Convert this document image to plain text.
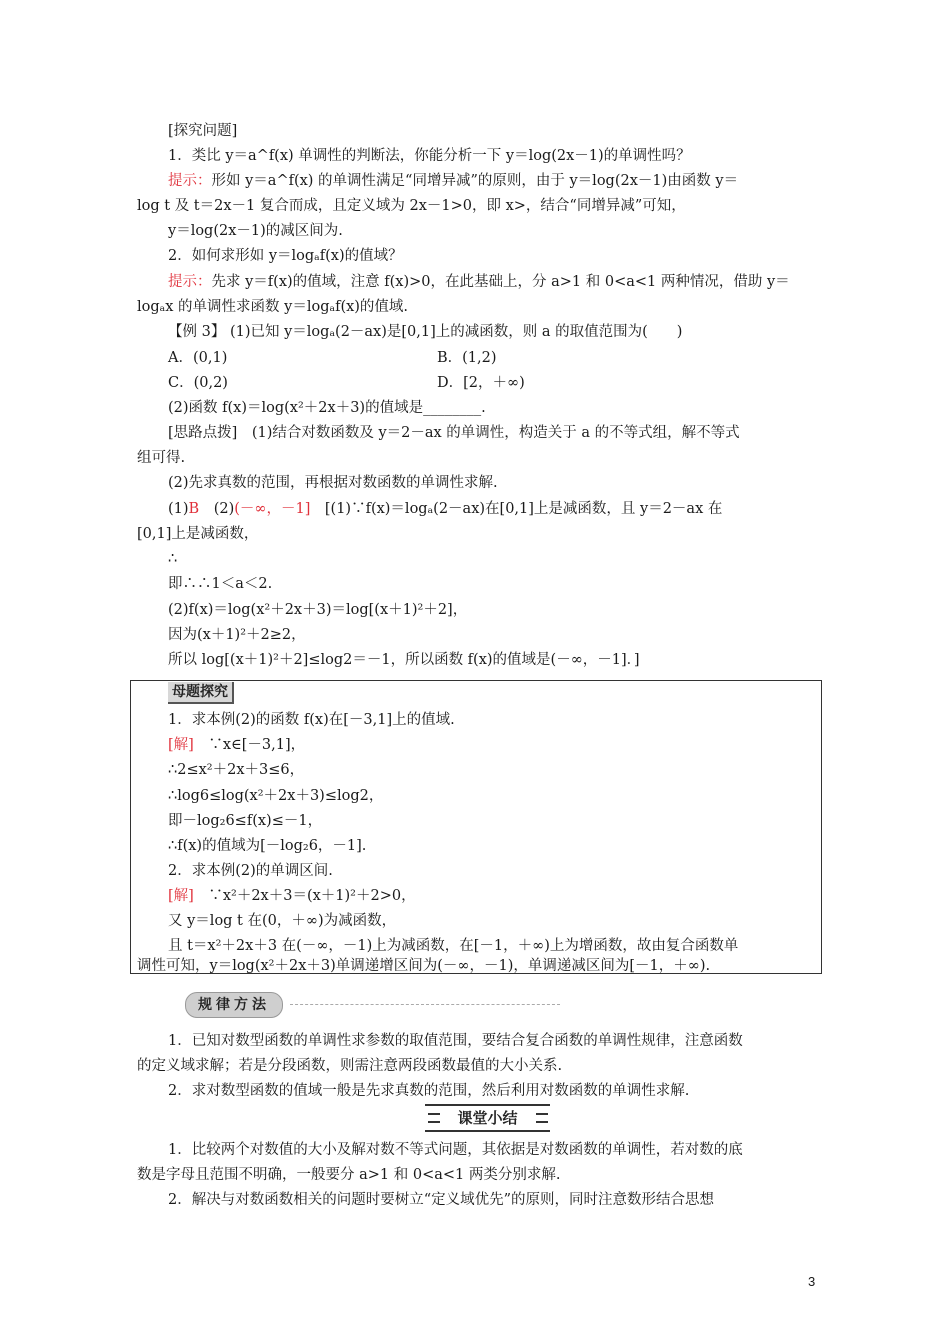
[探究问题]
1．类比 y＝a^f(x) 单调性的判断法，你能分析一下 y＝log(2x－1)的单调性吗？
提示：形如 y＝a^f(x) 的单调性满足“同增异减”的原则，由于 y＝log(2x－1)由函数 y＝
log t 及 t＝2x－1 复合而成，且定义域为 2x－1>0，即 x>，结合“同增异减”可知，
y＝log(2x－1)的减区间为.
2．如何求形如 y＝logₐf(x)的值域？
提示：先求 y＝f(x)的值域，注意 f(x)>0，在此基础上，分 a>1 和 0<a<1 两种情况，借助 y＝
logₐx 的单调性求函数 y＝logₐf(x)的值域.
【例 3】 (1)已知 y＝logₐ(2－ax)是[0,1]上的减函数，则 a 的取值范围为(　　)
A．(0,1)	B．(1,2)
C．(0,2)	D．[2，＋∞)
(2)函数 f(x)＝log(x²＋2x＋3)的值域是________.
[思路点拨]　(1)结合对数函数及 y＝2－ax 的单调性，构造关于 a 的不等式组，解不等式
组可得.
(2)先求真数的范围，再根据对数函数的单调性求解.
(1)B　(2)(－∞，－1]　[(1)∵f(x)＝logₐ(2－ax)在[0,1]上是减函数，且 y＝2－ax 在
[0,1]上是减函数，
∴
即∴∴1＜a＜2.
(2)f(x)＝log(x²＋2x＋3)＝log[(x＋1)²＋2]，
因为(x＋1)²＋2≥2，
所以 log[(x＋1)²＋2]≤log2＝－1，所以函数 f(x)的值域是(－∞，－1]．]
母题探究
1．求本例(2)的函数 f(x)在[－3,1]上的值域.
[解]　∵x∈[－3,1]，
∴2≤x²＋2x＋3≤6，
∴log6≤log(x²＋2x＋3)≤log2，
即－log₂6≤f(x)≤－1，
∴f(x)的值域为[－log₂6，－1].
2．求本例(2)的单调区间.
[解]　∵x²＋2x＋3＝(x＋1)²＋2>0，
又 y＝log t 在(0，＋∞)为减函数，
且 t＝x²＋2x＋3 在(－∞，－1)上为减函数，在[－1，＋∞)上为增函数，故由复合函数单
调性可知，y＝log(x²＋2x＋3)单调递增区间为(－∞，－1)，单调递减区间为[－1，＋∞).
规律方法
1．已知对数型函数的单调性求参数的取值范围，要结合复合函数的单调性规律，注意函数
的定义域求解；若是分段函数，则需注意两段函数最值的大小关系.
2．求对数型函数的值域一般是先求真数的范围，然后利用对数函数的单调性求解.
课堂小结
1．比较两个对数值的大小及解对数不等式问题，其依据是对数函数的单调性，若对数的底
数是字母且范围不明确，一般要分 a>1 和 0<a<1 两类分别求解.
2．解决与对数函数相关的问题时要树立“定义域优先”的原则，同时注意数形结合思想
3
